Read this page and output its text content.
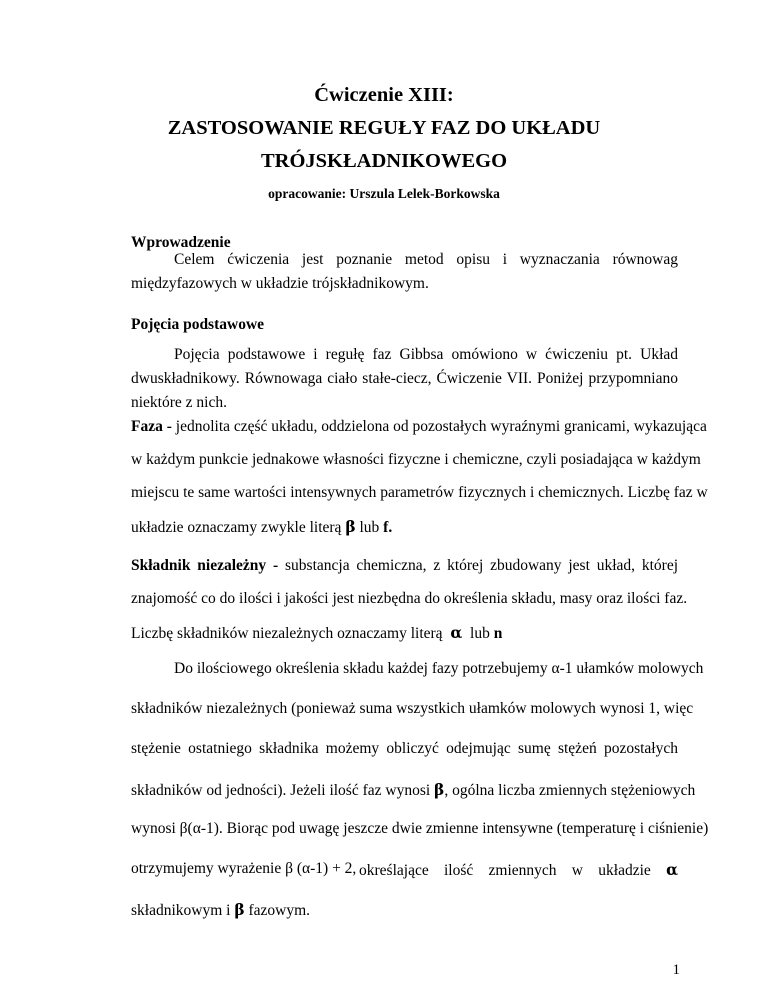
Ćwiczenie XIII:

ZASTOSOWANIE REGUŁY FAZ DO UKŁADU

TRÓJSKŁADNIKOWEGO

opracowanie: Urszula Lelek-Borkowska

Wprowadzenie

Celem ćwiczenia jest poznanie metod opisu i wyznaczania równowag

międzyfazowych w układzie trójskładnikowym.

Pojęcia podstawowe

Pojęcia podstawowe i regułę faz Gibbsa omówiono w ćwiczeniu pt. Układ

dwuskładnikowy. Równowaga ciało stałe-ciecz, Ćwiczenie VII. Poniżej przypomniano

niektóre z nich.

Faza - jednolita część układu, oddzielona od pozostałych wyraźnymi granicami, wykazująca

w każdym punkcie jednakowe własności fizyczne i chemiczne, czyli posiadająca w każdym

miejscu te same wartości intensywnych parametrów fizycznych i chemicznych. Liczbę faz w

układzie oznaczamy zwykle literą β lub f.

Składnik niezależny - substancja chemiczna, z której zbudowany jest układ, której

znajomość co do ilości i jakości jest niezbędna do określenia składu, masy oraz ilości faz.

Liczbę składników niezależnych oznaczamy literą α lub n

Do ilościowego określenia składu każdej fazy potrzebujemy α-1 ułamków molowych

składników niezależnych (ponieważ suma wszystkich ułamków molowych wynosi 1, więc

stężenie ostatniego składnika możemy obliczyć odejmując sumę stężeń pozostałych

składników od jedności). Jeżeli ilość faz wynosi β, ogólna liczba zmiennych stężeniowych

wynosi β(α-1). Biorąc pod uwagę jeszcze dwie zmienne intensywne (temperaturę i ciśnienie)

otrzymujemy wyrażenie β (α-1) + 2, określające ilość zmiennych w układzie α

składnikowym i β fazowym.

1
